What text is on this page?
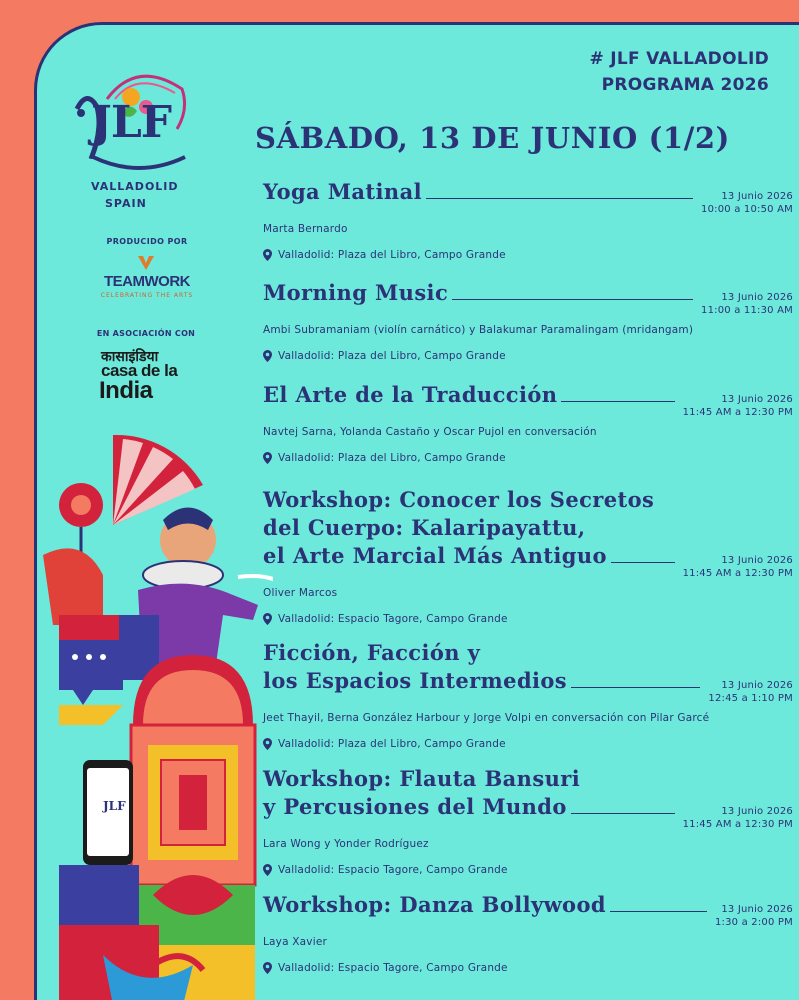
# JLF VALLADOLID
PROGRAMA 2026
JLF
VALLADOLID
SPAIN
PRODUCIDO POR
TEAMWORK
CELEBRATING THE ARTS
EN ASOCIACIÓN CON
कासाइंडिया
casa de la
India
JLF
SÁBADO, 13 DE JUNIO (1/2)
Yoga Matinal	13 Junio 2026
10:00 a 10:50 AM
Marta Bernardo
Valladolid: Plaza del Libro, Campo Grande
Morning Music	13 Junio 2026
11:00 a 11:30 AM
Ambi Subramaniam (violín carnático) y Balakumar Paramalingam (mridangam)
Valladolid: Plaza del Libro, Campo Grande
El Arte de la Traducción	13 Junio 2026
11:45 AM a 12:30 PM
Navtej Sarna, Yolanda Castaño y Oscar Pujol en conversación
Valladolid: Plaza del Libro, Campo Grande
Workshop: Conocer los Secretos
del Cuerpo: Kalaripayattu,
el Arte Marcial Más Antiguo	13 Junio 2026
11:45 AM a 12:30 PM
Oliver Marcos
Valladolid: Espacio Tagore, Campo Grande
Ficción, Facción y
los Espacios Intermedios	13 Junio 2026
12:45 a 1:10 PM
Jeet Thayil, Berna González Harbour y Jorge Volpi en conversación con Pilar Garcé
Valladolid: Plaza del Libro, Campo Grande
Workshop: Flauta Bansuri
y Percusiones del Mundo	13 Junio 2026
11:45 AM a 12:30 PM
Lara Wong y Yonder Rodríguez
Valladolid: Espacio Tagore, Campo Grande
Workshop: Danza Bollywood	13 Junio 2026
1:30 a 2:00 PM
Laya Xavier
Valladolid: Espacio Tagore, Campo Grande
